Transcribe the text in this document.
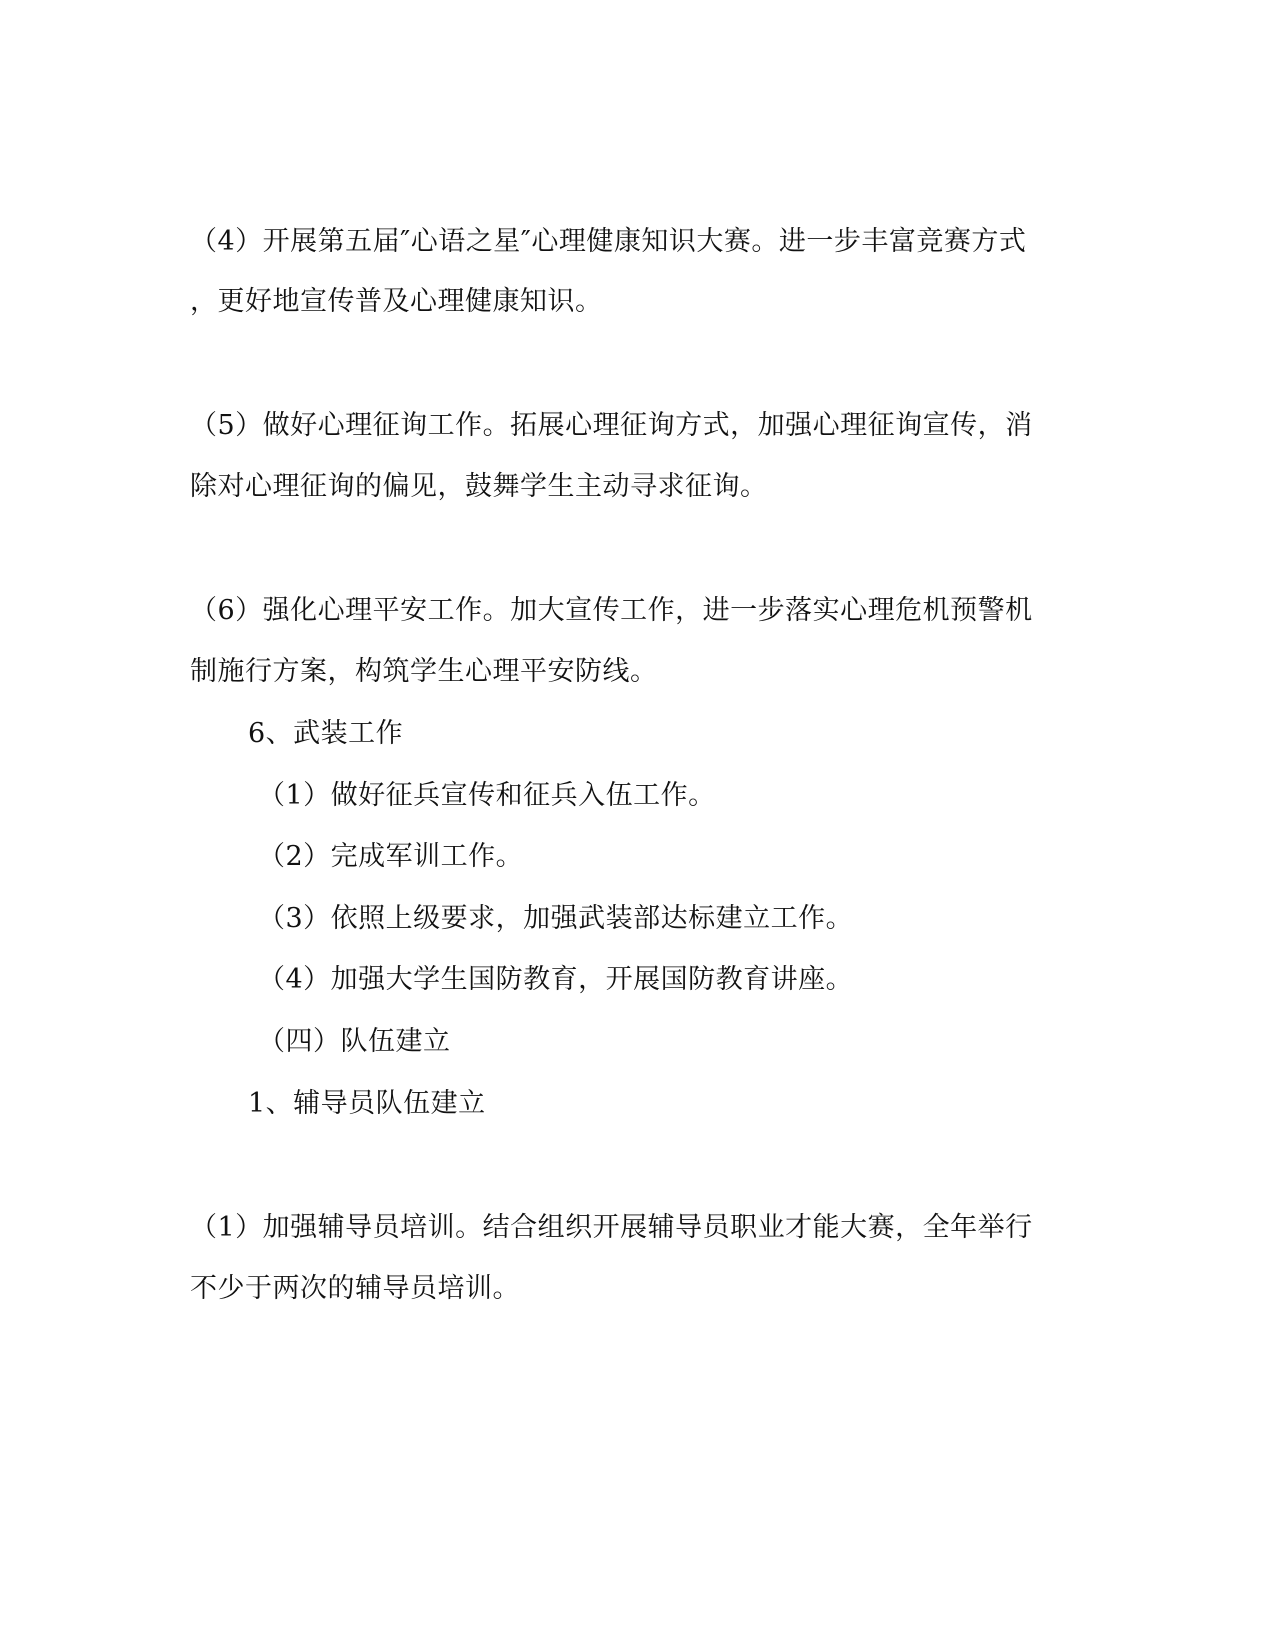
（4）开展第五届″心语之星″心理健康知识大赛。进一步丰富竞赛方式
，更好地宣传普及心理健康知识。
（5）做好心理征询工作。拓展心理征询方式，加强心理征询宣传，消
除对心理征询的偏见，鼓舞学生主动寻求征询。
（6）强化心理平安工作。加大宣传工作，进一步落实心理危机预警机
制施行方案，构筑学生心理平安防线。
6、武装工作
（1）做好征兵宣传和征兵入伍工作。
（2）完成军训工作。
（3）依照上级要求，加强武装部达标建立工作。
（4）加强大学生国防教育，开展国防教育讲座。
（四）队伍建立
1、辅导员队伍建立
（1）加强辅导员培训。结合组织开展辅导员职业才能大赛，全年举行
不少于两次的辅导员培训。
